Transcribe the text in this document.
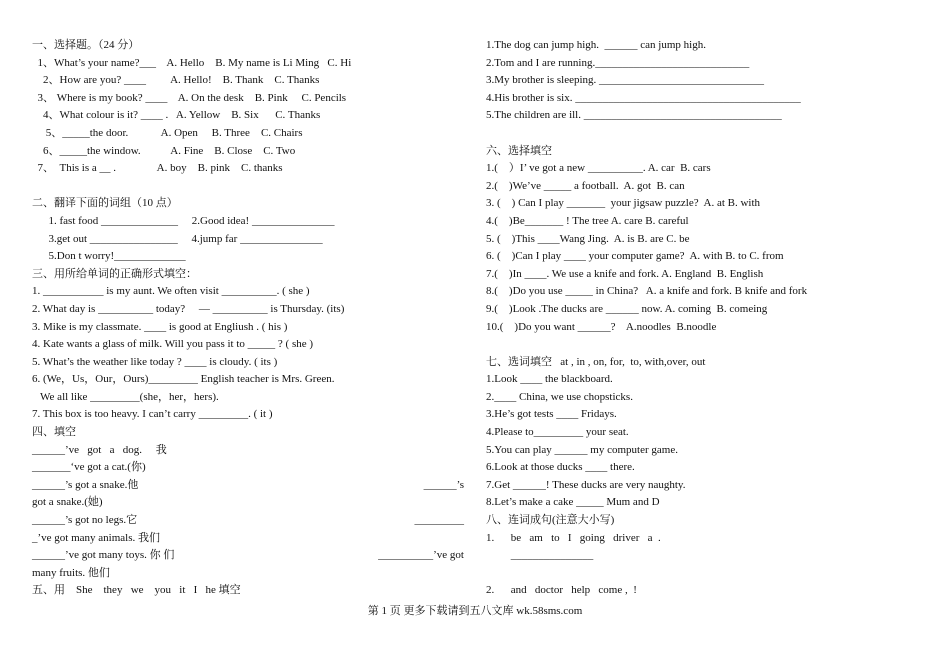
一、选择题。（24 分）
1、What’s your name?___    A. Hello    B. My name is Li Ming   C. Hi
2、How are you? ____         A. Hello!    B. Thank    C. Thanks
3、 Where is my book? ____    A. On the desk    B. Pink     C. Pencils
4、What colour is it? ____ .   A. Yellow    B. Six      C. Thanks
5、_____the door.            A. Open     B. Three    C. Chairs
6、_____the window.           A. Fine    B. Close    C. Two
7、  This is a __ .               A. boy    B. pink    C. thanks
二、翻译下面的词组（10 点）
1. fast food ______________     2.Good idea! _______________
3.get out ________________     4.jump far _______________
5.Don t worry!_____________
三、用所给单词的正确形式填空：
1. ___________ is my aunt. We often visit __________. ( she )
2. What day is __________ today?     — __________ is Thursday. (its)
3. Mike is my classmate. ____ is good at Engliush . ( his )
4. Kate wants a glass of milk. Will you pass it to _____ ? ( she )
5. What’s the weather like today ? ____ is cloudy. ( its )
6. (We，Us，Our，Ours)_________ English teacher is Mrs. Green.
We all like _________(she，her，hers).
7. This box is too heavy. I can’t carry _________. ( it )
四、填空
______’ve   got   a   dog.     我
_______‘ve got a cat.(你)
______’s got a snake.他	______’s
got a snake.(她)
______’s got no legs.它	_________
_’ve got many animals. 我们
______’ve got many toys. 你 们	__________’ve got
many fruits. 他们
五、用    She    they   we    you   it   I   he 填空
1.The dog can jump high.  ______ can jump high.
2.Tom and I are running.____________________________
3.My brother is sleeping. ______________________________
4.His brother is six. _________________________________________
5.The children are ill. ____________________________________
六、选择填空
1.(    ）I’ ve got a new __________. A. car  B. cars
2.(    )We’ve _____ a football.  A. got  B. can
3. (    ) Can I play _______  your jigsaw puzzle?  A. at B. with
4.(    )Be_______ ! The tree A. care B. careful
5. (    )This ____Wang Jing.  A. is B. are C. be
6. (    )Can I play ____ your computer game?  A. with B. to C. from
7.(    )In ____. We use a knife and fork. A. England  B. English
8.(    )Do you use _____ in China?   A. a knife and fork. B knife and fork
9.(    )Look .The ducks are ______ now. A. coming  B. comeing
10.(    )Do you want ______?    A.noodles  B.noodle
七、选词填空   at , in , on, for,  to, with,over, out
1.Look ____ the blackboard.
2.____ China, we use chopsticks.
3.He’s got tests ____ Fridays.
4.Please to_________ your seat.
5.You can play ______ my computer game.
6.Look at those ducks ____ there.
7.Get ______! These ducks are very naughty.
8.Let’s make a cake _____ Mum and D
八、连词成句(注意大小写)
1.      be   am   to   I   going   driver   a  .
_______________
2.      and   doctor   help   come ,  !
第 1 页 更多下载请到五八文库 wk.58sms.com
